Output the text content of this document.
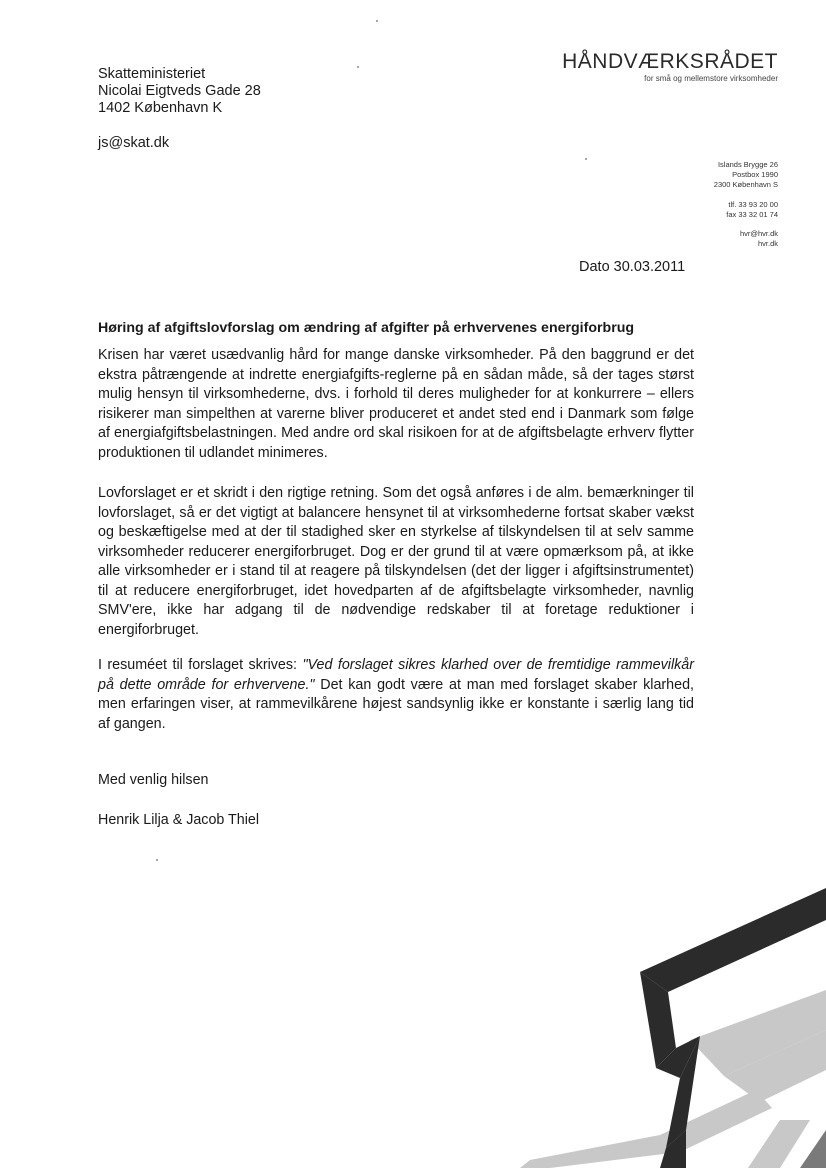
Skatteministeriet
Nicolai Eigtveds Gade 28
1402 København K
js@skat.dk
HÅNDVÆRKSRÅDET
for små og mellemstore virksomheder
Islands Brygge 26
Postbox 1990
2300 København S
tlf. 33 93 20 00
fax 33 32 01 74
hvr@hvr.dk
hvr.dk
Dato 30.03.2011
Høring af afgiftslovforslag om ændring af afgifter på erhvervenes energiforbrug
Krisen har været usædvanlig hård for mange danske virksomheder. På den baggrund er det ekstra påtrængende at indrette energiafgifts-reglerne på en sådan måde, så der tages størst mulig hensyn til virksomhederne, dvs. i forhold til deres muligheder for at konkurrere – ellers risikerer man simpelthen at varerne bliver produceret et andet sted end i Danmark som følge af energiafgiftsbelastningen. Med andre ord skal risikoen for at de afgiftsbelagte erhverv flytter produktionen til udlandet minimeres.
Lovforslaget er et skridt i den rigtige retning. Som det også anføres i de alm. bemærkninger til lovforslaget, så er det vigtigt at balancere hensynet til at virksomhederne fortsat skaber vækst og beskæftigelse med at der til stadighed sker en styrkelse af tilskyndelsen til at selv samme virksomheder reducerer energiforbruget. Dog er der grund til at være opmærksom på, at ikke alle virksomheder er i stand til at reagere på tilskyndelsen (det der ligger i afgiftsinstrumentet) til at reducere energiforbruget, idet hovedparten af de afgiftsbelagte virksomheder, navnlig SMV'ere, ikke har adgang til de nødvendige redskaber til at foretage reduktioner i energiforbruget.
I resuméet til forslaget skrives: "Ved forslaget sikres klarhed over de fremtidige rammevilkår på dette område for erhvervene." Det kan godt være at man med forslaget skaber klarhed, men erfaringen viser, at rammevilkårene højest sandsynlig ikke er konstante i særlig lang tid af gangen.
Med venlig hilsen
Henrik Lilja & Jacob Thiel
